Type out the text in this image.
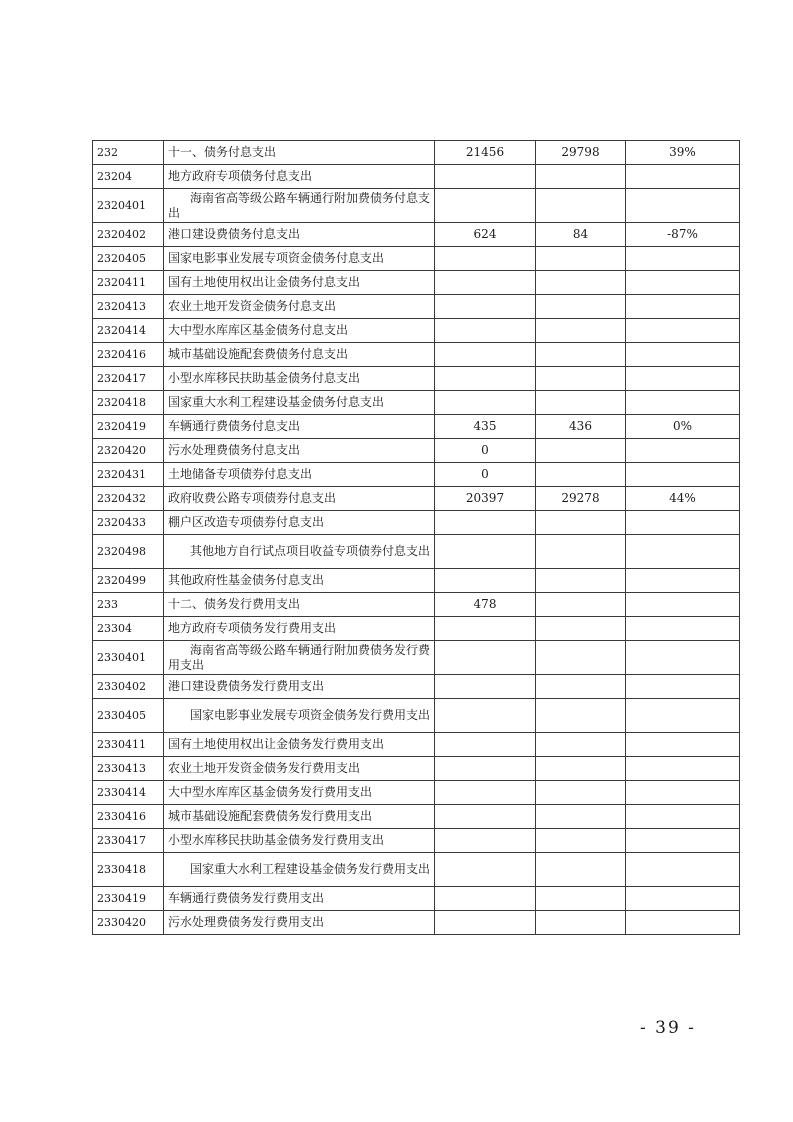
232	十一、债务付息支出	21456	29798	39%
23204	地方政府专项债务付息支出			
2320401	海南省高等级公路车辆通行附加费债务付息支出			
2320402	港口建设费债务付息支出	624	84	-87%
2320405	国家电影事业发展专项资金债务付息支出			
2320411	国有土地使用权出让金债务付息支出			
2320413	农业土地开发资金债务付息支出			
2320414	大中型水库库区基金债务付息支出			
2320416	城市基础设施配套费债务付息支出			
2320417	小型水库移民扶助基金债务付息支出			
2320418	国家重大水利工程建设基金债务付息支出			
2320419	车辆通行费债务付息支出	435	436	0%
2320420	污水处理费债务付息支出	0		
2320431	土地储备专项债券付息支出	0		
2320432	政府收费公路专项债券付息支出	20397	29278	44%
2320433	棚户区改造专项债券付息支出			
2320498	其他地方自行试点项目收益专项债券付息支出			
2320499	其他政府性基金债务付息支出			
233	十二、债务发行费用支出	478		
23304	地方政府专项债务发行费用支出			
2330401	海南省高等级公路车辆通行附加费债务发行费用支出			
2330402	港口建设费债务发行费用支出			
2330405	国家电影事业发展专项资金债务发行费用支出			
2330411	国有土地使用权出让金债务发行费用支出			
2330413	农业土地开发资金债务发行费用支出			
2330414	大中型水库库区基金债务发行费用支出			
2330416	城市基础设施配套费债务发行费用支出			
2330417	小型水库移民扶助基金债务发行费用支出			
2330418	国家重大水利工程建设基金债务发行费用支出			
2330419	车辆通行费债务发行费用支出			
2330420	污水处理费债务发行费用支出			
- 39 -
